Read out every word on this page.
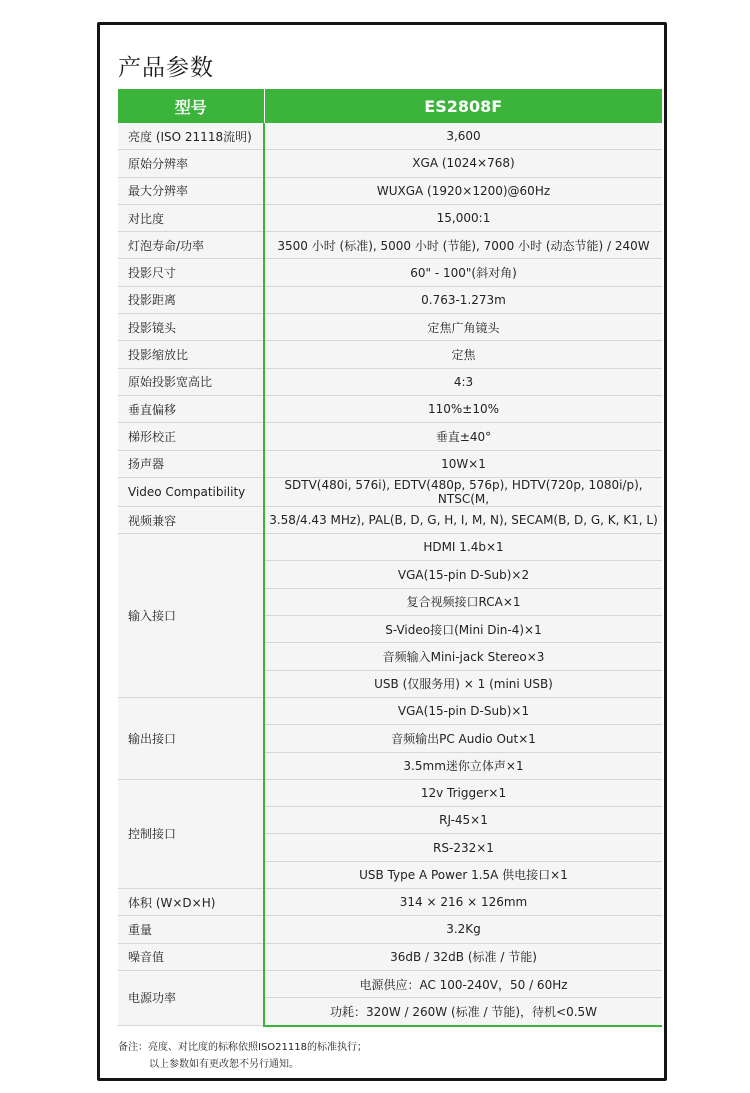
产品参数
型号	ES2808F
亮度 (ISO 21118流明)	3,600
原始分辨率	XGA (1024×768)
最大分辨率	WUXGA (1920×1200)@60Hz
对比度	15,000:1
灯泡寿命/功率	3500 小时 (标准), 5000 小时 (节能), 7000 小时 (动态节能) / 240W
投影尺寸	60" - 100"(斜对角)
投影距离	0.763-1.273m
投影镜头	定焦广角镜头
投影缩放比	定焦
原始投影宽高比	4:3
垂直偏移	110%±10%
梯形校正	垂直±40°
扬声器	10W×1
Video Compatibility	SDTV(480i, 576i), EDTV(480p, 576p), HDTV(720p, 1080i/p), NTSC(M,
视频兼容	3.58/4.43 MHz), PAL(B, D, G, H, I, M, N), SECAM(B, D, G, K, K1, L)
输入接口	HDMI 1.4b×1
	VGA(15-pin D-Sub)×2
	复合视频接口RCA×1
	S-Video接口(Mini Din-4)×1
	音频输入Mini-jack Stereo×3
	USB (仅服务用) × 1 (mini USB)
输出接口	VGA(15-pin D-Sub)×1
	音频输出PC Audio Out×1
	3.5mm迷你立体声×1
控制接口	12v Trigger×1
	RJ-45×1
	RS-232×1
	USB Type A Power 1.5A 供电接口×1
体积 (W×D×H)	314 × 216 × 126mm
重量	3.2Kg
噪音值	36dB / 32dB (标准 / 节能)
电源功率	电源供应：AC 100-240V，50 / 60Hz
	功耗：320W / 260W (标准 / 节能)，待机<0.5W
备注：亮度、对比度的标称依照ISO21118的标准执行；
以上参数如有更改恕不另行通知。
